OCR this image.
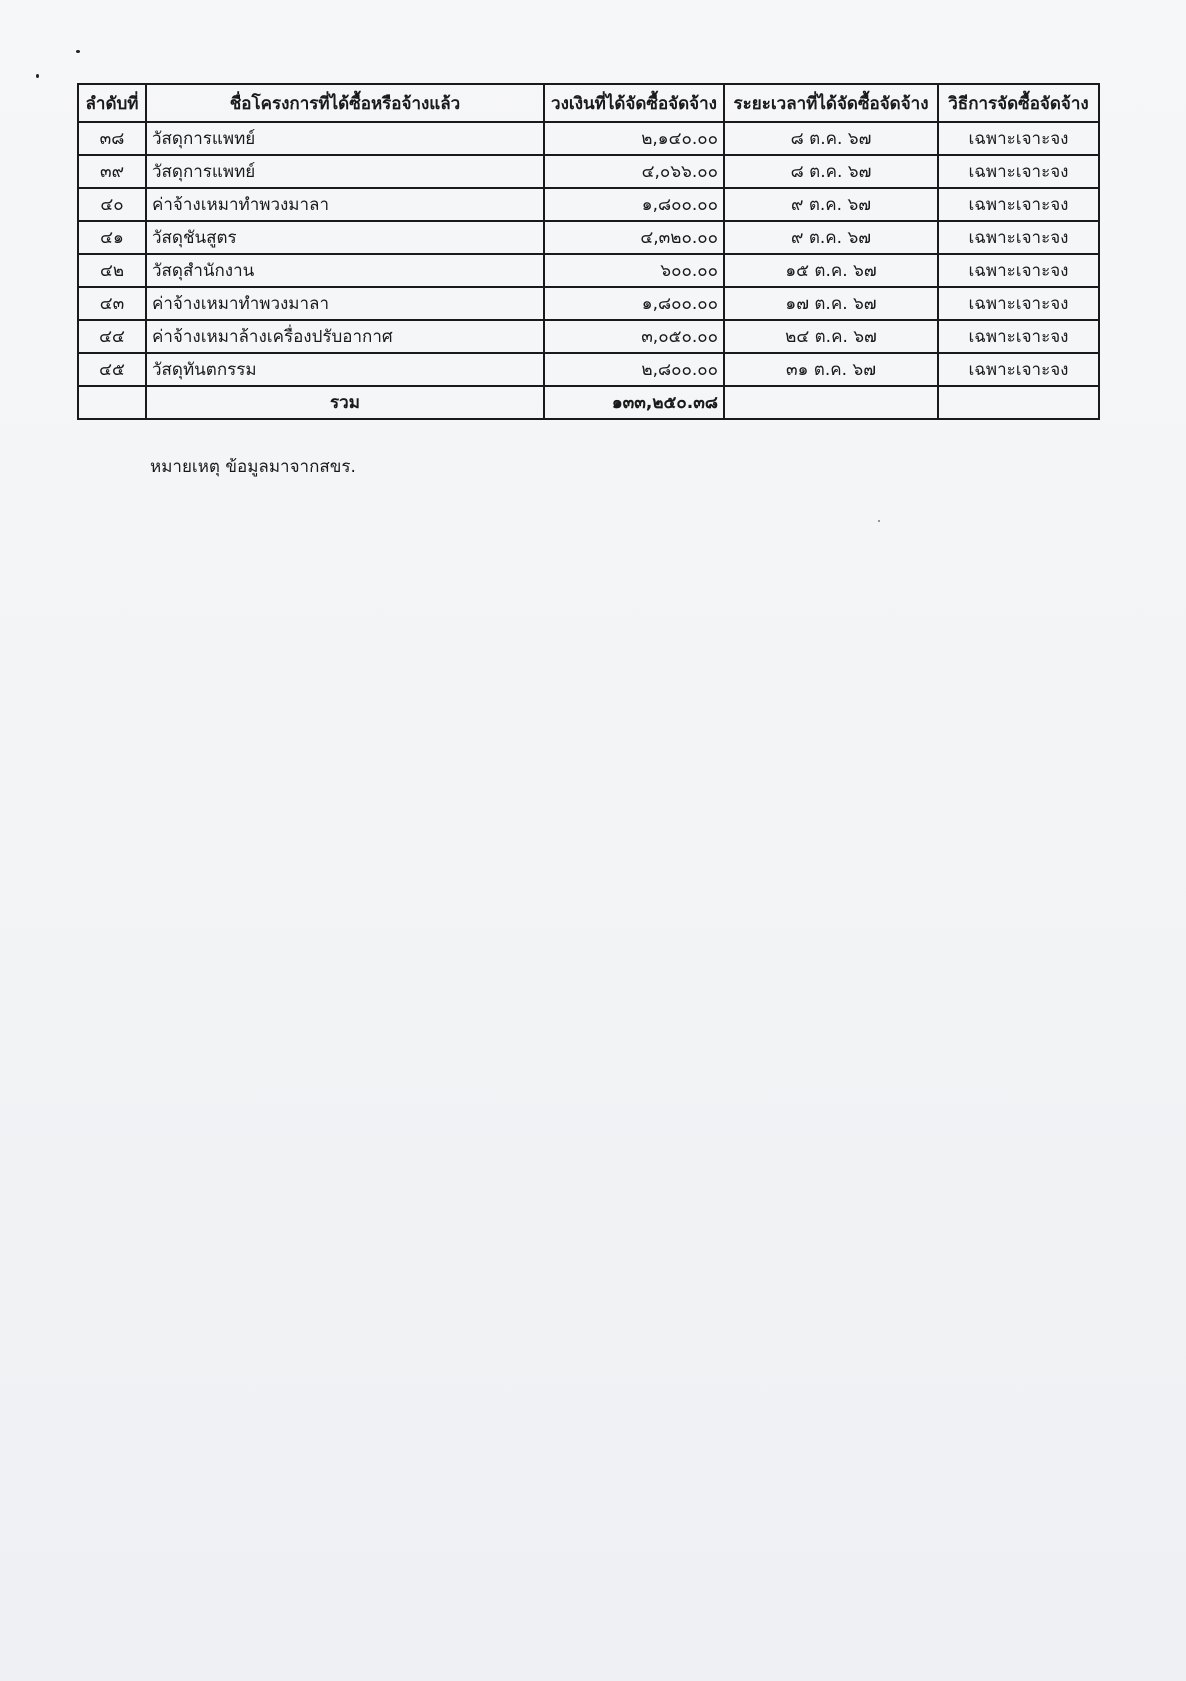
ลำดับที่	ชื่อโครงการที่ได้ซื้อหรือจ้างแล้ว	วงเงินที่ได้จัดซื้อจัดจ้าง	ระยะเวลาที่ได้จัดซื้อจัดจ้าง	วิธีการจัดซื้อจัดจ้าง
๓๘	วัสดุการแพทย์	๒,๑๔๐.๐๐	๘ ต.ค. ๖๗	เฉพาะเจาะจง
๓๙	วัสดุการแพทย์	๔,๐๖๖.๐๐	๘ ต.ค. ๖๗	เฉพาะเจาะจง
๔๐	ค่าจ้างเหมาทำพวงมาลา	๑,๘๐๐.๐๐	๙ ต.ค. ๖๗	เฉพาะเจาะจง
๔๑	วัสดุชันสูตร	๔,๓๒๐.๐๐	๙ ต.ค. ๖๗	เฉพาะเจาะจง
๔๒	วัสดุสำนักงาน	๖๐๐.๐๐	๑๕ ต.ค. ๖๗	เฉพาะเจาะจง
๔๓	ค่าจ้างเหมาทำพวงมาลา	๑,๘๐๐.๐๐	๑๗ ต.ค. ๖๗	เฉพาะเจาะจง
๔๔	ค่าจ้างเหมาล้างเครื่องปรับอากาศ	๓,๐๕๐.๐๐	๒๔ ต.ค. ๖๗	เฉพาะเจาะจง
๔๕	วัสดุทันตกรรม	๒,๘๐๐.๐๐	๓๑ ต.ค. ๖๗	เฉพาะเจาะจง
	รวม	๑๓๓,๒๕๐.๓๘		
หมายเหตุ ข้อมูลมาจากสขร.
